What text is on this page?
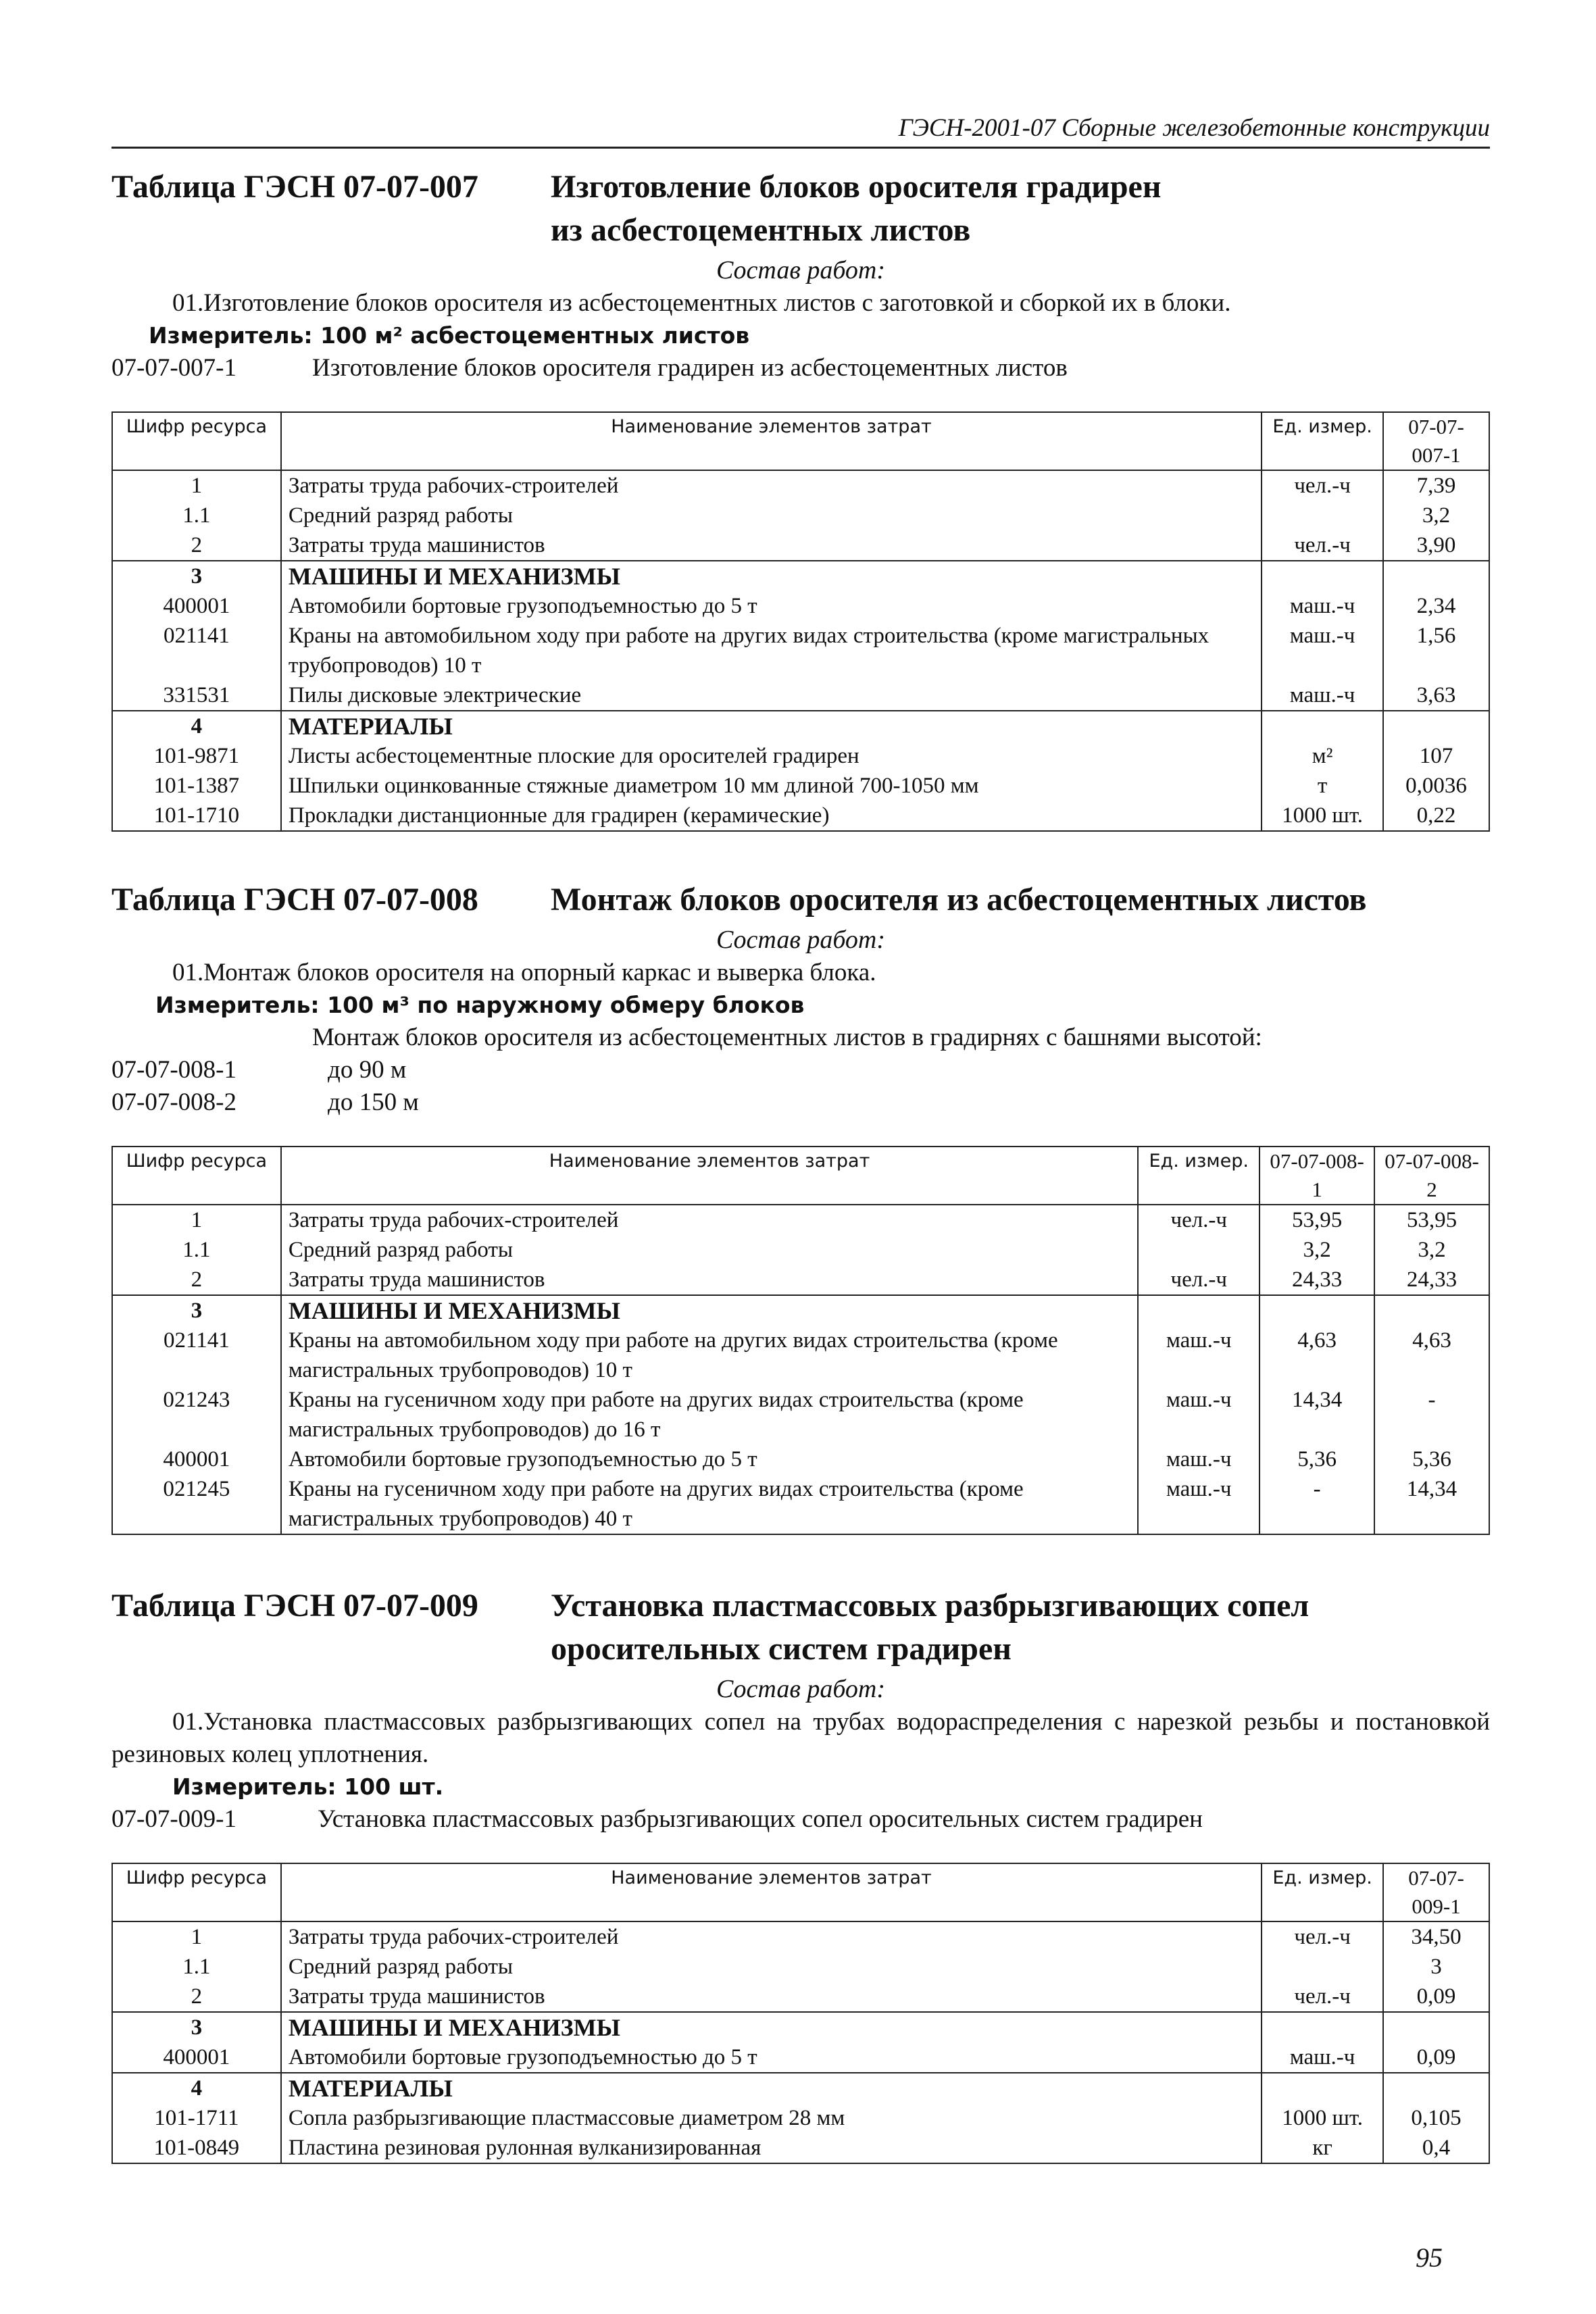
ГЭСН-2001-07 Сборные железобетонные конструкции
Таблица ГЭСН 07-07-007	Изготовление блоков оросителя градирен
из асбестоцементных листов
Состав работ:
01.Изготовление блоков оросителя из асбестоцементных листов с заготовкой и сборкой их в блоки.
Измеритель: 100 м² асбестоцементных листов
07-07-007-1	Изготовление блоков оросителя градирен из асбестоцементных листов
Шифр ресурса	Наименование элементов затрат	Ед. измер.	07-07-007-1
1	Затраты труда рабочих-строителей	чел.-ч	7,39
1.1	Средний разряд работы		3,2
2	Затраты труда машинистов	чел.-ч	3,90
3	МАШИНЫ И МЕХАНИЗМЫ		
400001	Автомобили бортовые грузоподъемностью до 5 т	маш.-ч	2,34
021141	Краны на автомобильном ходу при работе на других видах строительства (кроме магистральных трубопроводов) 10 т	маш.-ч	1,56
331531	Пилы дисковые электрические	маш.-ч	3,63
4	МАТЕРИАЛЫ		
101-9871	Листы асбестоцементные плоские для оросителей градирен	м²	107
101-1387	Шпильки оцинкованные стяжные диаметром 10 мм длиной 700-1050 мм	т	0,0036
101-1710	Прокладки дистанционные для градирен (керамические)	1000 шт.	0,22
Таблица ГЭСН 07-07-008	Монтаж блоков оросителя из асбестоцементных листов
Состав работ:
01.Монтаж блоков оросителя на опорный каркас и выверка блока.
Измеритель: 100 м³ по наружному обмеру блоков
Монтаж блоков оросителя из асбестоцементных листов в градирнях с башнями высотой:
07-07-008-1	до 90 м
07-07-008-2	до 150 м
Шифр ресурса	Наименование элементов затрат	Ед. измер.	07-07-008-1	07-07-008-2
1	Затраты труда рабочих-строителей	чел.-ч	53,95	53,95
1.1	Средний разряд работы		3,2	3,2
2	Затраты труда машинистов	чел.-ч	24,33	24,33
3	МАШИНЫ И МЕХАНИЗМЫ			
021141	Краны на автомобильном ходу при работе на других видах строительства (кроме магистральных трубопроводов) 10 т	маш.-ч	4,63	4,63
021243	Краны на гусеничном ходу при работе на других видах строительства (кроме магистральных трубопроводов) до 16 т	маш.-ч	14,34	-
400001	Автомобили бортовые грузоподъемностью до 5 т	маш.-ч	5,36	5,36
021245	Краны на гусеничном ходу при работе на других видах строительства (кроме магистральных трубопроводов) 40 т	маш.-ч	-	14,34
Таблица ГЭСН 07-07-009	Установка пластмассовых разбрызгивающих сопел
оросительных систем градирен
Состав работ:
01.Установка пластмассовых разбрызгивающих сопел на трубах водораспределения с нарезкой резьбы и постановкой резиновых колец уплотнения.
Измеритель: 100 шт.
07-07-009-1	Установка пластмассовых разбрызгивающих сопел оросительных систем градирен
Шифр ресурса	Наименование элементов затрат	Ед. измер.	07-07-009-1
1	Затраты труда рабочих-строителей	чел.-ч	34,50
1.1	Средний разряд работы		3
2	Затраты труда машинистов	чел.-ч	0,09
3	МАШИНЫ И МЕХАНИЗМЫ		
400001	Автомобили бортовые грузоподъемностью до 5 т	маш.-ч	0,09
4	МАТЕРИАЛЫ		
101-1711	Сопла разбрызгивающие пластмассовые диаметром 28 мм	1000 шт.	0,105
101-0849	Пластина резиновая рулонная вулканизированная	кг	0,4
95
